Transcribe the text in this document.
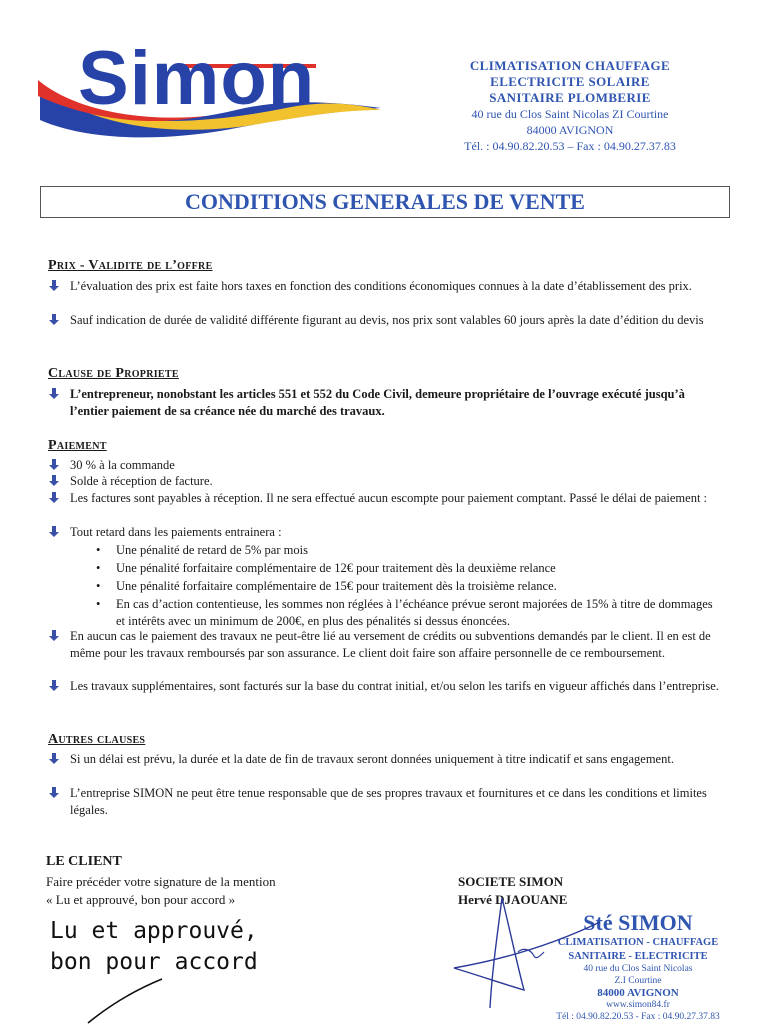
Simon	CLIMATISATION CHAUFFAGE
ELECTRICITE SOLAIRE
SANITAIRE PLOMBERIE
40 rue du Clos Saint Nicolas ZI Courtine
84000 AVIGNON
Tél. : 04.90.82.20.53 – Fax : 04.90.27.37.83
CONDITIONS GENERALES DE VENTE
Prix - Validite de l’offre
L’évaluation des prix est faite hors taxes en fonction des conditions économiques connues à la date d’établissement des prix.
Sauf indication de durée de validité différente figurant au devis, nos prix sont valables 60 jours après la date d’édition du devis
Clause de Propriete
L’entrepreneur, nonobstant les articles 551 et 552 du Code Civil, demeure propriétaire de l’ouvrage exécuté jusqu’à l’entier paiement de sa créance née du marché des travaux.
Paiement
30 % à la commande
Solde à réception de facture.
Les factures sont payables à réception. Il ne sera effectué aucun escompte pour paiement comptant. Passé le délai de paiement :
Tout retard dans les paiements entrainera :
• Une pénalité de retard de 5% par mois
• Une pénalité forfaitaire complémentaire de 12€ pour traitement dès la deuxième relance
• Une pénalité forfaitaire complémentaire de 15€ pour traitement dès la troisième relance.
• En cas d’action contentieuse, les sommes non réglées à l’échéance prévue seront majorées de 15% à titre de dommages et intérêts avec un minimum de 200€, en plus des pénalités si dessus énoncées.
En aucun cas le paiement des travaux ne peut-être lié au versement de crédits ou subventions demandés par le client. Il en est de même pour les travaux remboursés par son assurance. Le client doit faire son affaire personnelle de ce remboursement.
Les travaux supplémentaires, sont facturés sur la base du contrat initial, et/ou selon les tarifs en vigueur affichés dans l’entreprise.
Autres clauses
Si un délai est prévu, la durée et la date de fin de travaux seront données uniquement à titre indicatif et sans engagement.
L’entreprise SIMON ne peut être tenue responsable que de ses propres travaux et fournitures et ce dans les conditions et limites légales.
LE CLIENT
Faire précéder votre signature de la mention
« Lu et approuvé, bon pour accord »
Lu et approuvé,
bon pour accord
SOCIETE SIMON
Hervé DJAOUANE
Sté SIMON
CLIMATISATION - CHAUFFAGE
SANITAIRE - ELECTRICITE
40 rue du Clos Saint Nicolas
Z.I Courtine
84000 AVIGNON
www.simon84.fr
Tél : 04.90.82.20.53 - Fax : 04.90.27.37.83
